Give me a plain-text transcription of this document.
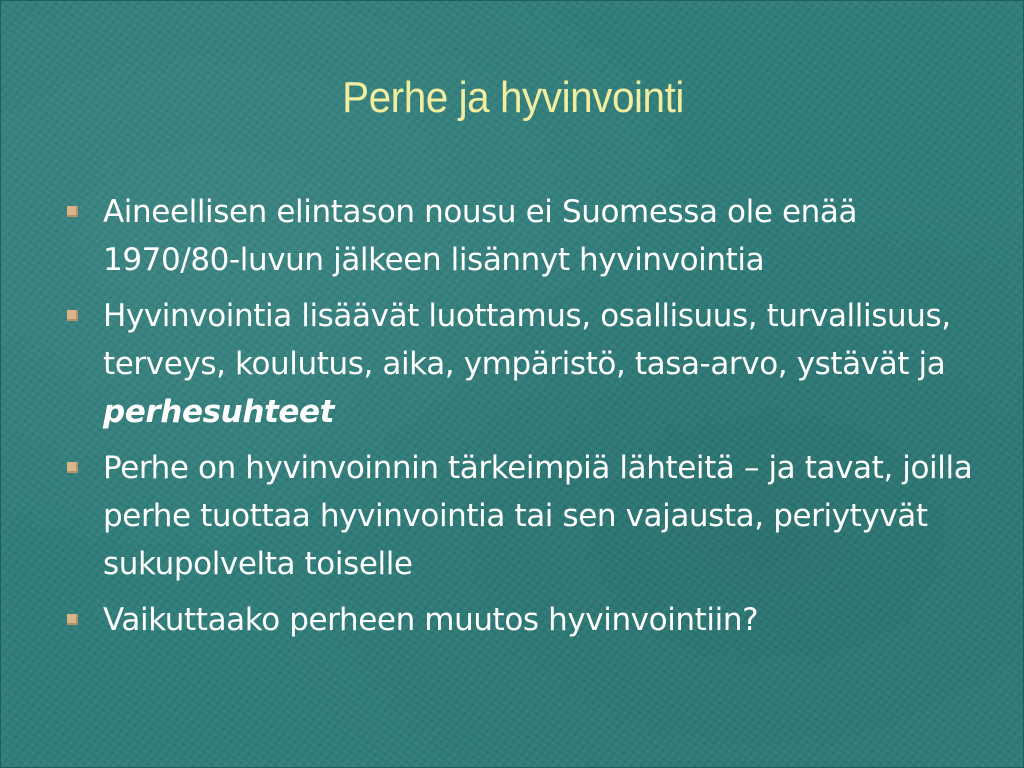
Perhe ja hyvinvointi
Aineellisen elintason nousu ei Suomessa ole enää 1970/80-luvun jälkeen lisännyt hyvinvointia
Hyvinvointia lisäävät luottamus, osallisuus, turvallisuus, terveys, koulutus, aika, ympäristö, tasa-arvo, ystävät ja perhesuhteet
Perhe on hyvinvoinnin tärkeimpiä lähteitä – ja tavat, joilla perhe tuottaa hyvinvointia tai sen vajausta, periytyvät sukupolvelta toiselle
Vaikuttaako perheen muutos hyvinvointiin?
